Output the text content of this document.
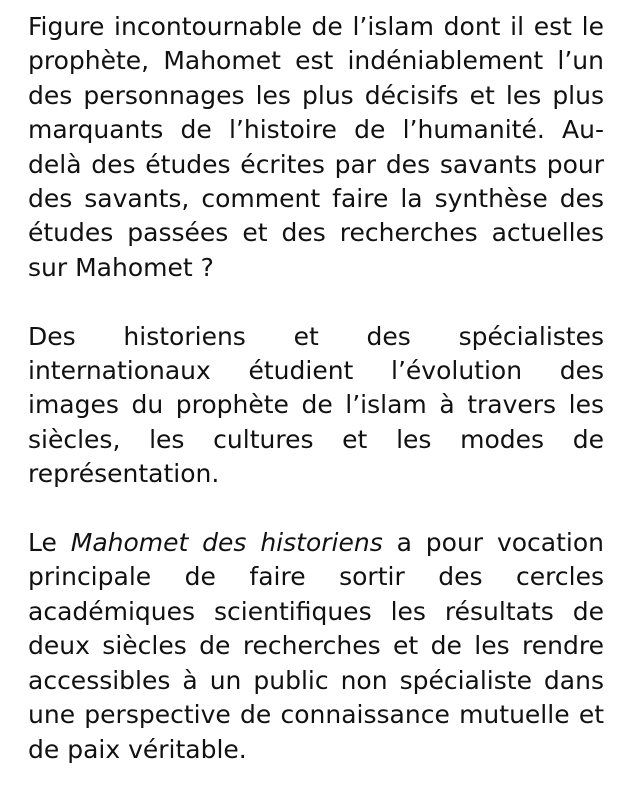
Figure incontournable de l’islam dont il est le prophète, Mahomet est indéniablement l’un des personnages les plus décisifs et les plus marquants de l’histoire de l’humanité. Au-delà des études écrites par des savants pour des savants, comment faire la synthèse des études passées et des recherches actuelles sur Mahomet ?

Des historiens et des spécialistes internationaux étudient l’évolution des images du prophète de l’islam à travers les siècles, les cultures et les modes de représentation.

Le Mahomet des historiens a pour vocation principale de faire sortir des cercles académiques scientifiques les résultats de deux siècles de recherches et de les rendre accessibles à un public non spécialiste dans une perspective de connaissance mutuelle et de paix véritable.
